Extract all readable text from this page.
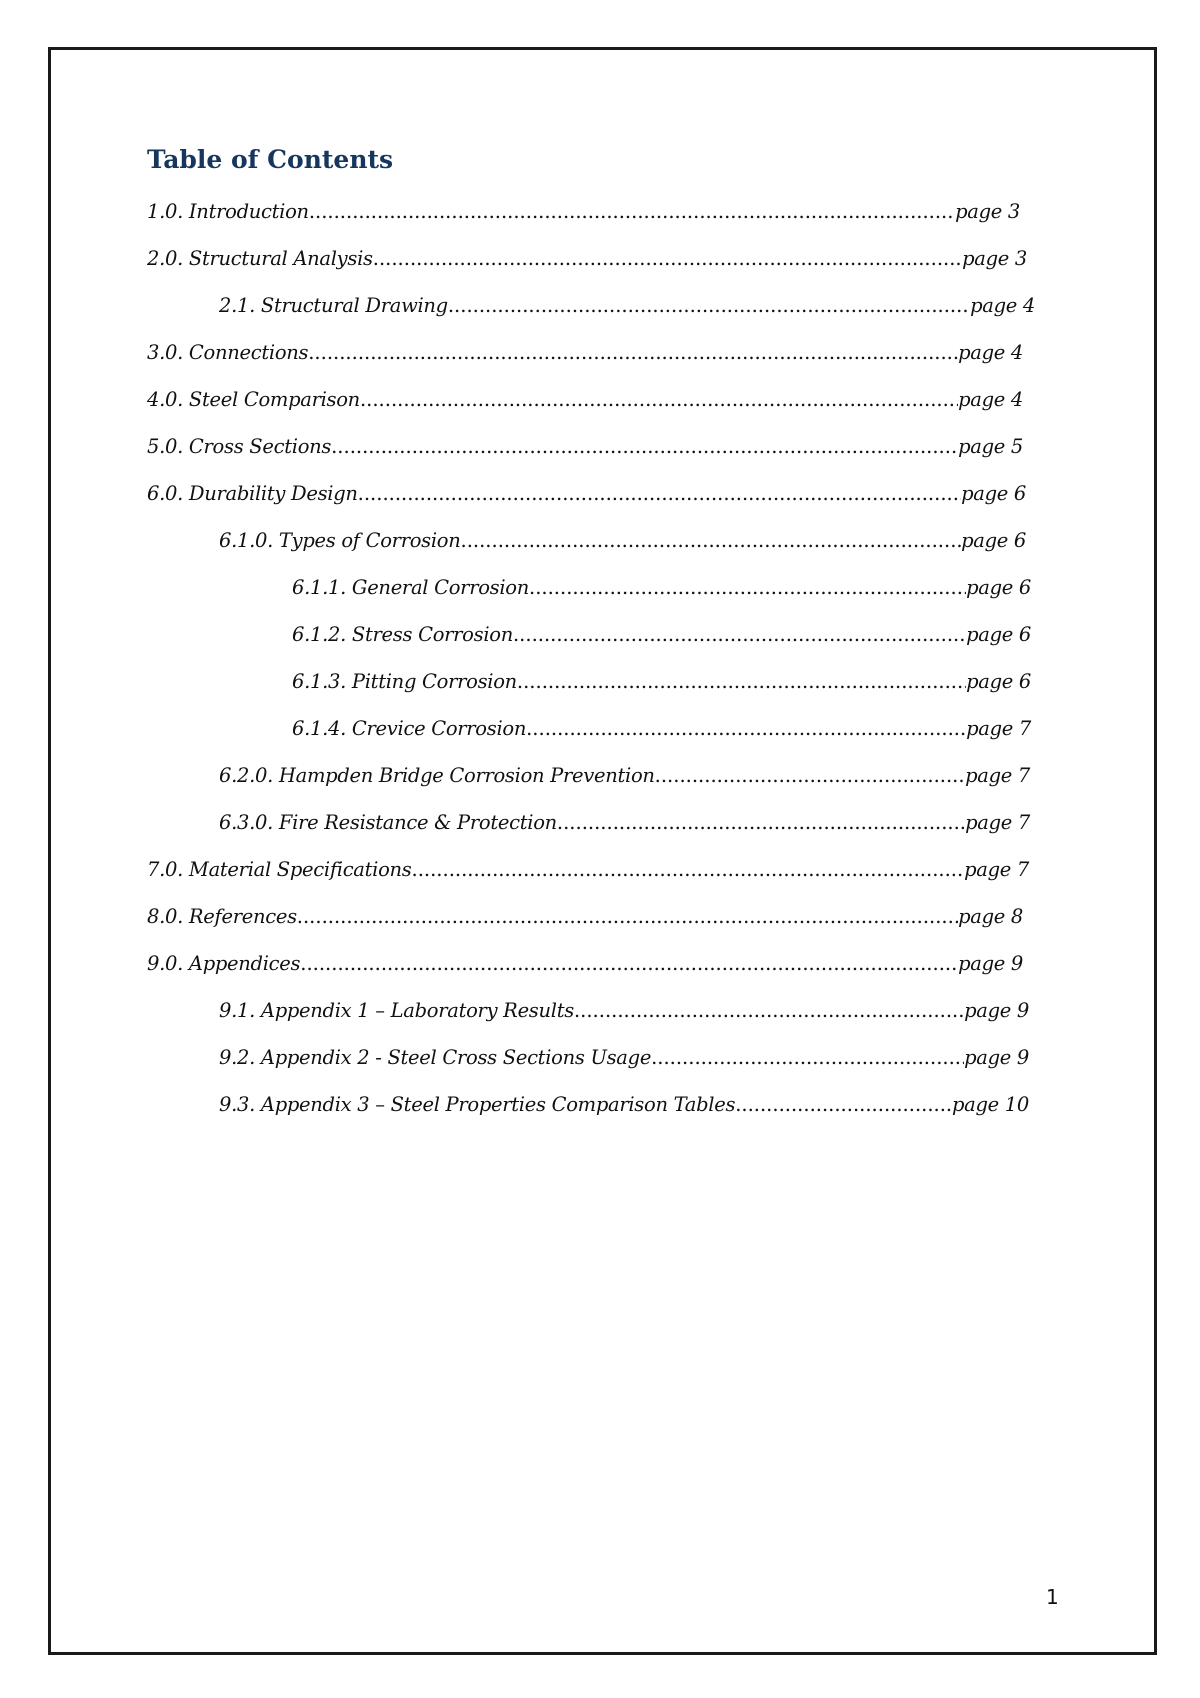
Table of Contents
1.0. Introduction .....	page 3
2.0. Structural Analysis .....	page 3
2.1. Structural Drawing .....	page 4
3.0. Connections .....	page 4
4.0. Steel Comparison .....	page 4
5.0. Cross Sections .....	page 5
6.0. Durability Design .....	page 6
6.1.0. Types of Corrosion .....	page 6
6.1.1. General Corrosion .....	page 6
6.1.2. Stress Corrosion .....	page 6
6.1.3. Pitting Corrosion .....	page 6
6.1.4. Crevice Corrosion .....	page 7
6.2.0. Hampden Bridge Corrosion Prevention .....	page 7
6.3.0. Fire Resistance & Protection .....	page 7
7.0. Material Specifications .....	page 7
8.0. References .....	page 8
9.0. Appendices .....	page 9
9.1. Appendix 1 – Laboratory Results .....	page 9
9.2. Appendix 2 - Steel Cross Sections Usage .....	page 9
9.3. Appendix 3 – Steel Properties Comparison Tables .....	page 10
1
